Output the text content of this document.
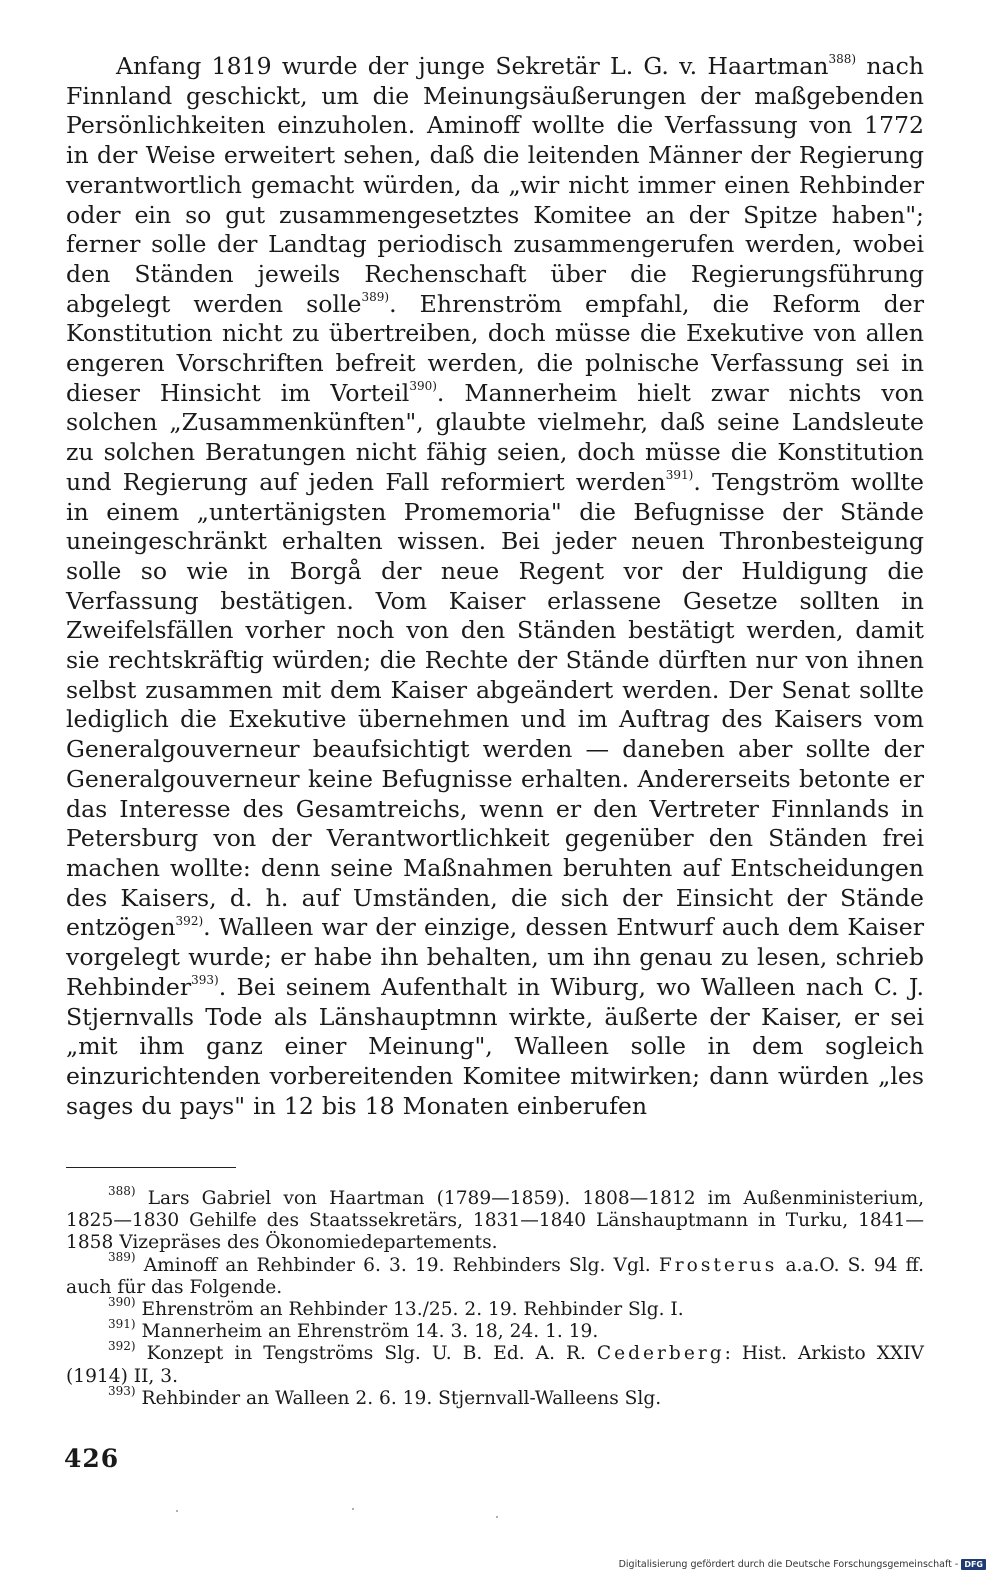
Anfang 1819 wurde der junge Sekretär L. G. v. Haartman$^{388)}$ nach Finnland geschickt, um die Meinungsäußerungen der maßgebenden Persönlichkeiten einzuholen. Aminoff wollte die Verfassung von 1772 in der Weise erweitert sehen, daß die leitenden Männer der Regierung verantwortlich gemacht würden, da „wir nicht immer einen Rehbinder oder ein so gut zusammengesetztes Komitee an der Spitze haben"; ferner solle der Landtag periodisch zusammengerufen werden, wobei den Ständen jeweils Rechenschaft über die Regierungsführung abgelegt werden solle$^{389)}$. Ehrenström empfahl, die Reform der Konstitution nicht zu übertreiben, doch müsse die Exekutive von allen engeren Vorschriften befreit werden, die polnische Verfassung sei in dieser Hinsicht im Vorteil$^{390)}$. Mannerheim hielt zwar nichts von solchen „Zusammenkünften", glaubte vielmehr, daß seine Landsleute zu solchen Beratungen nicht fähig seien, doch müsse die Konstitution und Regierung auf jeden Fall reformiert werden$^{391)}$. Tengström wollte in einem „untertänigsten Promemoria" die Befugnisse der Stände uneingeschränkt erhalten wissen. Bei jeder neuen Thronbesteigung solle so wie in Borgå der neue Regent vor der Huldigung die Verfassung bestätigen. Vom Kaiser erlassene Gesetze sollten in Zweifelsfällen vorher noch von den Ständen bestätigt werden, damit sie rechtskräftig würden; die Rechte der Stände dürften nur von ihnen selbst zusammen mit dem Kaiser abgeändert werden. Der Senat sollte lediglich die Exekutive übernehmen und im Auftrag des Kaisers vom Generalgouverneur beaufsichtigt werden — daneben aber sollte der Generalgouverneur keine Befugnisse erhalten. Andererseits betonte er das Interesse des Gesamtreichs, wenn er den Vertreter Finnlands in Petersburg von der Verantwortlichkeit gegenüber den Ständen frei machen wollte: denn seine Maßnahmen beruhten auf Entscheidungen des Kaisers, d. h. auf Umständen, die sich der Einsicht der Stände entzögen$^{392)}$. Walleen war der einzige, dessen Entwurf auch dem Kaiser vorgelegt wurde; er habe ihn behalten, um ihn genau zu lesen, schrieb Rehbinder$^{393)}$. Bei seinem Aufenthalt in Wiburg, wo Walleen nach C. J. Stjernvalls Tode als Länshauptmnn wirkte, äußerte der Kaiser, er sei „mit ihm ganz einer Meinung", Walleen solle in dem sogleich einzurichtenden vorbereitenden Komitee mitwirken; dann würden „les sages du pays" in 12 bis 18 Monaten einberufen

$^{388)}$ Lars Gabriel von Haartman (1789—1859). 1808—1812 im Außenministerium, 1825—1830 Gehilfe des Staatssekretärs, 1831—1840 Länshauptmann in Turku, 1841—1858 Vizepräses des Ökonomiedepartements.

$^{389)}$ Aminoff an Rehbinder 6. 3. 19. Rehbinders Slg. Vgl. Frosterus a.a.O. S. 94 ff. auch für das Folgende.

$^{390)}$ Ehrenström an Rehbinder 13./25. 2. 19. Rehbinder Slg. I.

$^{391)}$ Mannerheim an Ehrenström 14. 3. 18, 24. 1. 19.

$^{392)}$ Konzept in Tengströms Slg. U. B. Ed. A. R. Cederberg: Hist. Arkisto XXIV (1914) II, 3.

$^{393)}$ Rehbinder an Walleen 2. 6. 19. Stjernvall-Walleens Slg.

426
Digitalisierung gefördert durch die Deutsche Forschungsgemeinschaft - DFG
